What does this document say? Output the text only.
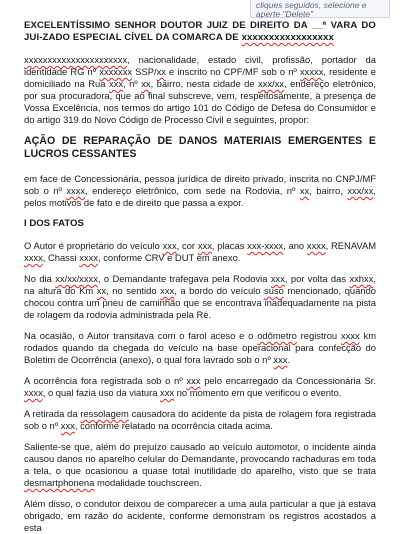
cliques seguidos, selecione e
aperte "Delete"
EXCELENTÍSSIMO SENHOR DOUTOR JUIZ DE DIREITO DA __ª VARA DO JUI-ZADO ESPECIAL CÍVEL DA COMARCA DE xxxxxxxxxxxxxxxxx
xxxxxxxxxxxxxxxxxxxxxx, nacionalidade, estado civil, profissão, portador da identidade RG nº xxxxxxx SSP/xx e inscrito no CPF/MF sob o nº xxxxx, residente e domiciliado na Rua xxx, nº xx, bairro, nesta cidade de xxx/xx, endereço eletrônico, por sua procuradora, que ao final subscreve, vem, respeitosamente, à presença de Vossa Excelência, nos termos do artigo 101 do Código de Defesa do Consumidor e do artigo 319 do Novo Código de Processo Civil e seguintes, propor:
AÇÃO DE REPARAÇÃO DE DANOS MATERIAIS EMERGENTES E LUCROS CESSANTES
em face de Concessionária, pessoa jurídica de direito privado, inscrita no CNPJ/MF sob o nº xxxx, endereço eletrônico, com sede na Rodovia, nº xx, bairro, xxx/xx, pelos motivos de fato e de direito que passa a expor.
I DOS FATOS
O Autor é proprietário do veículo xxx, cor xxx, placas xxx-xxxx, ano xxxx, RENAVAM xxxx, Chassi xxxx, conforme CRV e DUT em anexo.
No dia xx/xx/xxxx, o Demandante trafegava pela Rodovia xxx, por volta das xxhxx, na altura do Km xx, no sentido xxx, a bordo do veículo suso mencionado, quando chocou contra um pneu de caminhão que se encontrava inadequadamente na pista de rolagem da rodovia administrada pela Ré.
Na ocasião, o Autor transitava com o farol aceso e o odômetro registrou xxxx km rodados quando da chegada do veículo na base operacional para confecção do Boletim de Ocorrência (anexo), o qual fora lavrado sob o nº xxx.
A ocorrência fora registrada sob o nº xxx pelo encarregado da Concessionária Sr. xxxx, o qual fazia uso da viatura xxx no momento em que verificou o evento.
A retirada da ressolagem causadora do acidente da pista de rolagem fora registrada sob o nº xxx, conforme relatado na ocorrência citada acima.
Saliente-se que, além do prejuízo causado ao veículo automotor, o incidente ainda causou danos no aparelho celular do Demandante, provocando rachaduras em toda a tela, o que ocasionou a quase total inutilidade do aparelho, visto que se trata desmartphonena modalidade touchscreen.
Além disso, o condutor deixou de comparecer a uma aula particular a que já estava obrigado, em razão do acidente, conforme demonstram os registros acostados a esta
